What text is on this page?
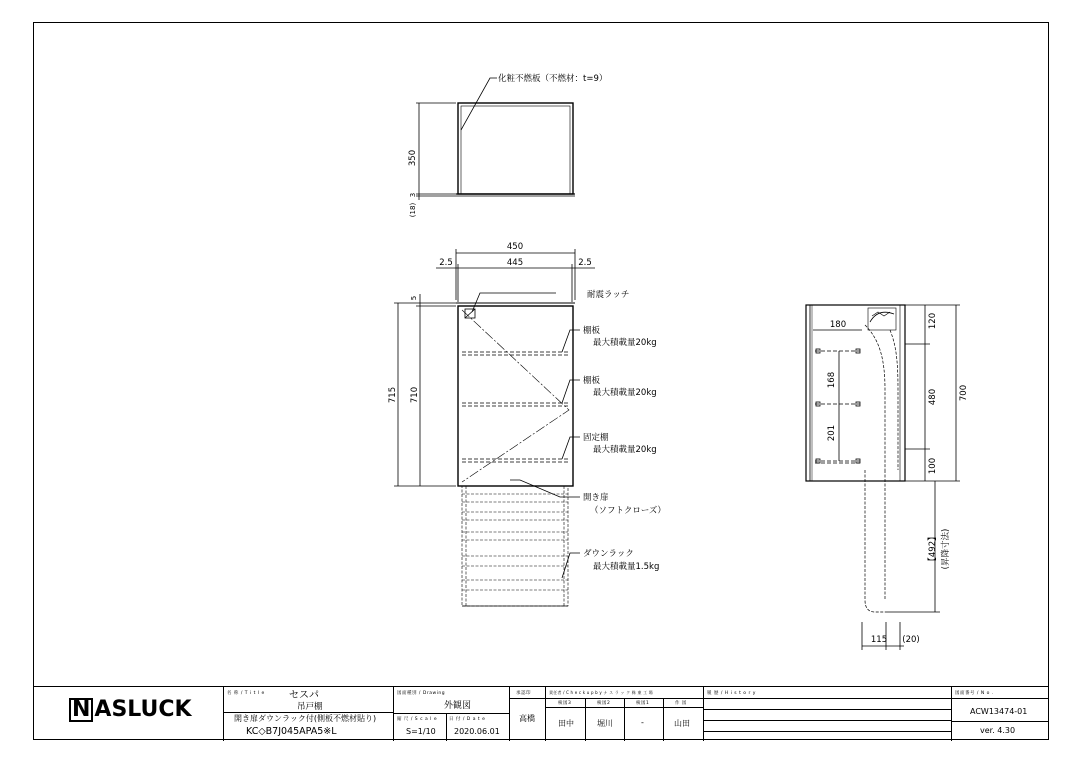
化粧不燃板（不燃材：t=9）
350
3
(18)
450
2.5	445	2.5
5
715 710
耐震ラッチ
棚板
最大積載量20kg
棚板
最大積載量20kg
固定棚
最大積載量20kg
開き扉
（ソフトクローズ）
ダウンラック
最大積載量1.5kg
180
168
201
120
480
100
700
【492】 (昇降寸法)
115 (20)
N ASLUCK
名 称 / T i t l e セスパ
吊戸棚
開き扉ダウンラック付(側板不燃材貼り)
KC◇B7J045APA5※L
図面種別 / Drawing
外観図
縮 尺 / S c a l e
S=1/10
日 付 / D a t e
2020.06.01
承認印
高橋
責任者 / C h e c k u p b y ナ ス ラ ッ ク 株 東 工 場
検図3	検図2	検図1	作 図
田中	堀川	-	山田
履 歴 / H i s t o r y	図面番号 / N o .
ACW13474-01
ver. 4.30
